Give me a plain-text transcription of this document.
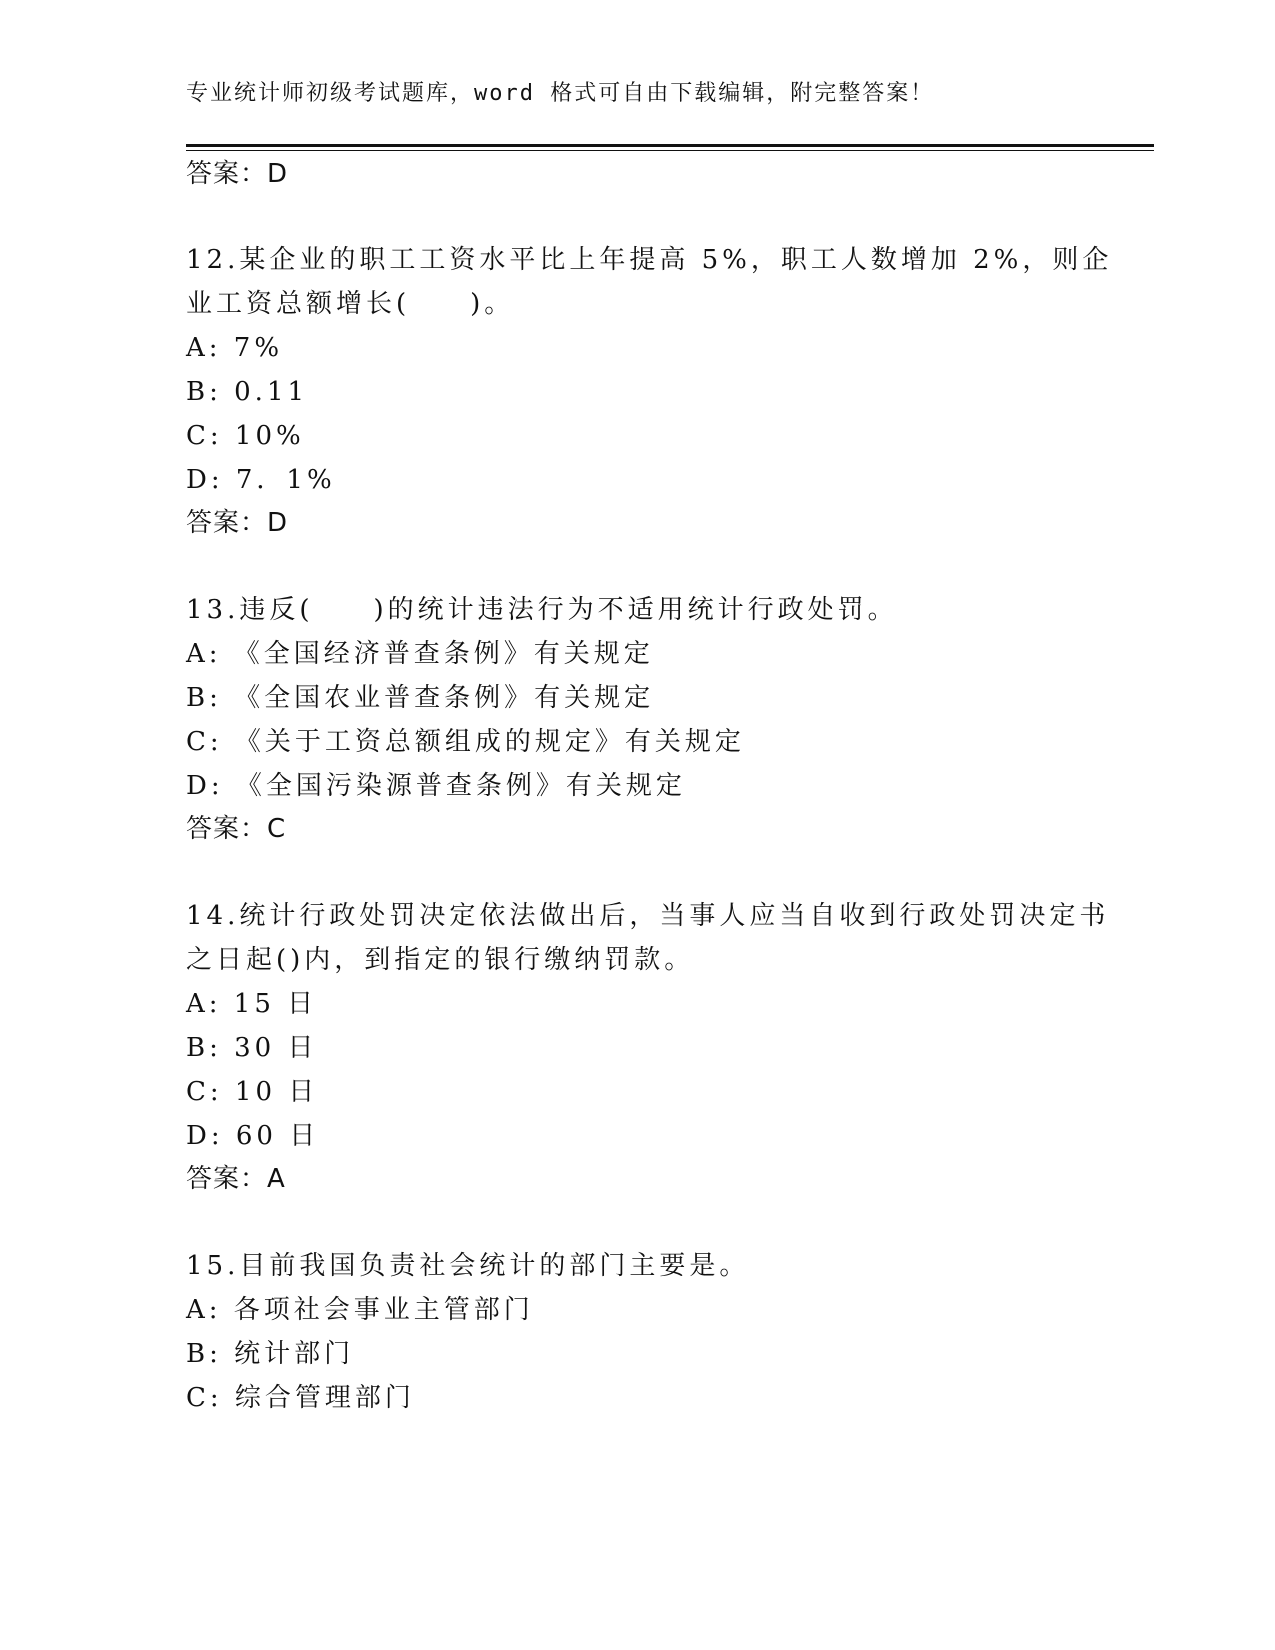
专业统计师初级考试题库，word 格式可自由下载编辑，附完整答案！
答案：D
12.某企业的职工工资水平比上年提高 5%，职工人数增加 2%，则企
业工资总额增长(　　)。
A: 7%
B: 0.11
C: 10%
D: 7．1%
答案：D
13.违反(　　)的统计违法行为不适用统计行政处罚。
A: 《全国经济普查条例》有关规定
B: 《全国农业普查条例》有关规定
C: 《关于工资总额组成的规定》有关规定
D: 《全国污染源普查条例》有关规定
答案：C
14.统计行政处罚决定依法做出后，当事人应当自收到行政处罚决定书
之日起()内，到指定的银行缴纳罚款。
A: 15 日
B: 30 日
C: 10 日
D: 60 日
答案：A
15.目前我国负责社会统计的部门主要是。
A: 各项社会事业主管部门
B: 统计部门
C: 综合管理部门
